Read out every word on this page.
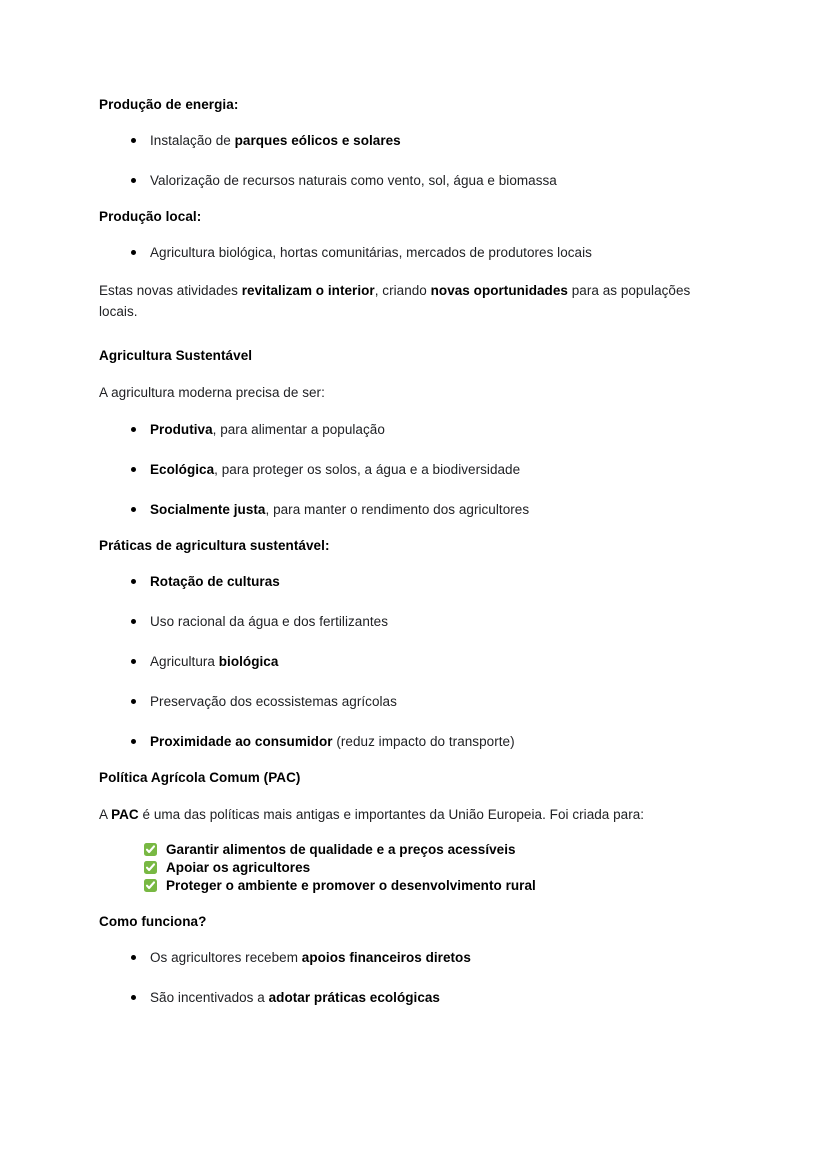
Produção de energia:
Instalação de parques eólicos e solares
Valorização de recursos naturais como vento, sol, água e biomassa
Produção local:
Agricultura biológica, hortas comunitárias, mercados de produtores locais
Estas novas atividades revitalizam o interior, criando novas oportunidades para as populações locais.
Agricultura Sustentável
A agricultura moderna precisa de ser:
Produtiva, para alimentar a população
Ecológica, para proteger os solos, a água e a biodiversidade
Socialmente justa, para manter o rendimento dos agricultores
Práticas de agricultura sustentável:
Rotação de culturas
Uso racional da água e dos fertilizantes
Agricultura biológica
Preservação dos ecossistemas agrícolas
Proximidade ao consumidor (reduz impacto do transporte)
Política Agrícola Comum (PAC)
A PAC é uma das políticas mais antigas e importantes da União Europeia. Foi criada para:
Garantir alimentos de qualidade e a preços acessíveis
Apoiar os agricultores
Proteger o ambiente e promover o desenvolvimento rural
Como funciona?
Os agricultores recebem apoios financeiros diretos
São incentivados a adotar práticas ecológicas
